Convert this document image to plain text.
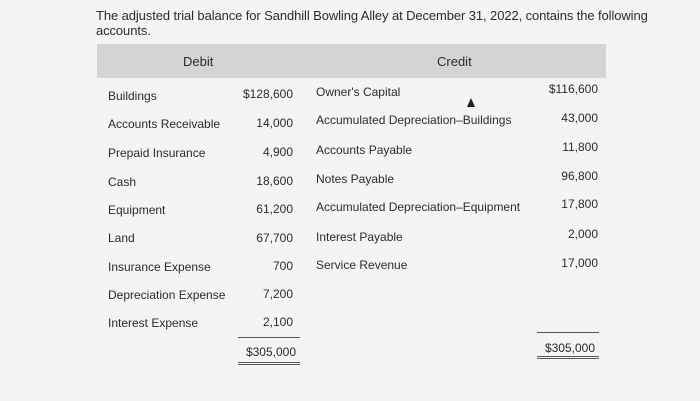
The adjusted trial balance for Sandhill Bowling Alley at December 31, 2022, contains the following accounts.
Debit	Credit
Buildings
Accounts Receivable
Prepaid Insurance
Cash
Equipment
Land
Insurance Expense
Depreciation Expense
Interest Expense
$128,600
14,000
4,900
18,600
61,200
67,700
700
7,200
2,100
Owner's Capital
Accumulated Depreciation–Buildings
Accounts Payable
Notes Payable
Accumulated Depreciation–Equipment
Interest Payable
Service Revenue
$116,600
43,000
11,800
96,800
17,800
2,000
17,000
$305,000	$305,000
